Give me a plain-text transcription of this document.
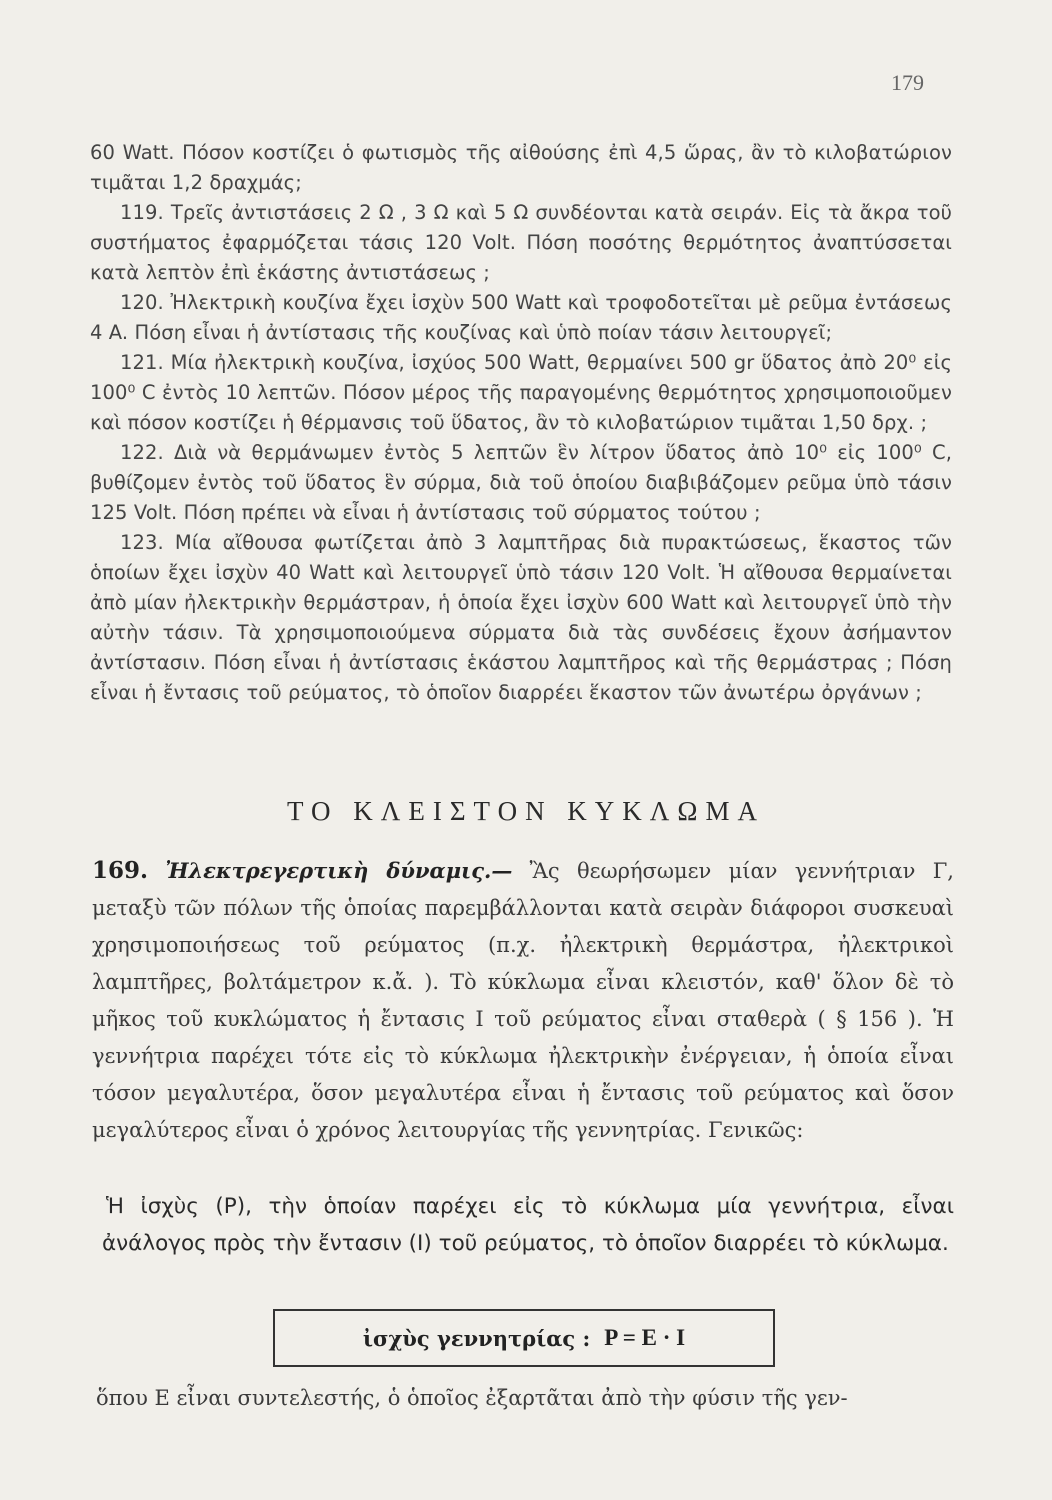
179

60 Watt. Πόσον κοστίζει ὁ φωτισμὸς τῆς αἰθούσης ἐπὶ 4,5 ὥρας, ἂν τὸ κιλοβατώριον τιμᾶται 1,2 δραχμάς;

119. Τρεῖς ἀντιστάσεις 2 Ω , 3 Ω καὶ 5 Ω συνδέονται κατὰ σειράν. Εἰς τὰ ἄκρα τοῦ συστήματος ἐφαρμόζεται τάσις 120 Volt. Πόση ποσότης θερμότητος ἀναπτύσσεται κατὰ λεπτὸν ἐπὶ ἑκάστης ἀντιστάσεως ;

120. Ἠλεκτρικὴ κουζίνα ἔχει ἰσχὺν 500 Watt καὶ τροφοδοτεῖται μὲ ρεῦμα ἐντάσεως 4 A. Πόση εἶναι ἡ ἀντίστασις τῆς κουζίνας καὶ ὑπὸ ποίαν τάσιν λειτουργεῖ;

121. Μία ἠλεκτρικὴ κουζίνα, ἰσχύος 500 Watt, θερμαίνει 500 gr ὕδατος ἀπὸ 20⁰ εἰς 100⁰ C ἐντὸς 10 λεπτῶν. Πόσον μέρος τῆς παραγομένης θερμότητος χρησιμοποιοῦμεν καὶ πόσον κοστίζει ἡ θέρμανσις τοῦ ὕδατος, ἂν τὸ κιλοβατώριον τιμᾶται 1,50 δρχ. ;

122. Διὰ νὰ θερμάνωμεν ἐντὸς 5 λεπτῶν ἓν λίτρον ὕδατος ἀπὸ 10⁰ εἰς 100⁰ C, βυθίζομεν ἐντὸς τοῦ ὕδατος ἓν σύρμα, διὰ τοῦ ὁποίου διαβιβάζομεν ρεῦμα ὑπὸ τάσιν 125 Volt. Πόση πρέπει νὰ εἶναι ἡ ἀντίστασις τοῦ σύρματος τούτου ;

123. Μία αἴθουσα φωτίζεται ἀπὸ 3 λαμπτῆρας διὰ πυρακτώσεως, ἕκαστος τῶν ὁποίων ἔχει ἰσχὺν 40 Watt καὶ λειτουργεῖ ὑπὸ τάσιν 120 Volt. Ἡ αἴθουσα θερμαίνεται ἀπὸ μίαν ἠλεκτρικὴν θερμάστραν, ἡ ὁποία ἔχει ἰσχὺν 600 Watt καὶ λειτουργεῖ ὑπὸ τὴν αὐτὴν τάσιν. Τὰ χρησιμοποιούμενα σύρματα διὰ τὰς συνδέσεις ἔχουν ἀσήμαντον ἀντίστασιν. Πόση εἶναι ἡ ἀντίστασις ἑκάστου λαμπτῆρος καὶ τῆς θερμάστρας ; Πόση εἶναι ἡ ἔντασις τοῦ ρεύματος, τὸ ὁποῖον διαρρέει ἕκαστον τῶν ἀνωτέρω ὀργάνων ;

ΤΟ ΚΛΕΙΣΤΟΝ ΚΥΚΛΩΜΑ

169. Ἠλεκτρεγερτικὴ δύναμις.— Ἂς θεωρήσωμεν μίαν γεννήτριαν Γ, μεταξὺ τῶν πόλων τῆς ὁποίας παρεμβάλλονται κατὰ σειρὰν διάφοροι συσκευαὶ χρησιμοποιήσεως τοῦ ρεύματος (π.χ. ἠλεκτρικὴ θερμάστρα, ἠλεκτρικοὶ λαμπτῆρες, βολτάμετρον κ.ἄ. ). Τὸ κύκλωμα εἶναι κλειστόν, καθ' ὅλον δὲ τὸ μῆκος τοῦ κυκλώματος ἡ ἔντασις I τοῦ ρεύματος εἶναι σταθερὰ ( § 156 ). Ἡ γεννήτρια παρέχει τότε εἰς τὸ κύκλωμα ἠλεκτρικὴν ἐνέργειαν, ἡ ὁποία εἶναι τόσον μεγαλυτέρα, ὅσον μεγαλυτέρα εἶναι ἡ ἔντασις τοῦ ρεύματος καὶ ὅσον μεγαλύτερος εἶναι ὁ χρόνος λειτουργίας τῆς γεννητρίας. Γενικῶς:

Ἡ ἰσχὺς (P), τὴν ὁποίαν παρέχει εἰς τὸ κύκλωμα μία γεννήτρια, εἶναι ἀνάλογος πρὸς τὴν ἔντασιν (I) τοῦ ρεύματος, τὸ ὁποῖον διαρρέει τὸ κύκλωμα.
ἰσχὺς γεννητρίας : P = E · I
ὅπου E εἶναι συντελεστής, ὁ ὁποῖος ἐξαρτᾶται ἀπὸ τὴν φύσιν τῆς γεν-
